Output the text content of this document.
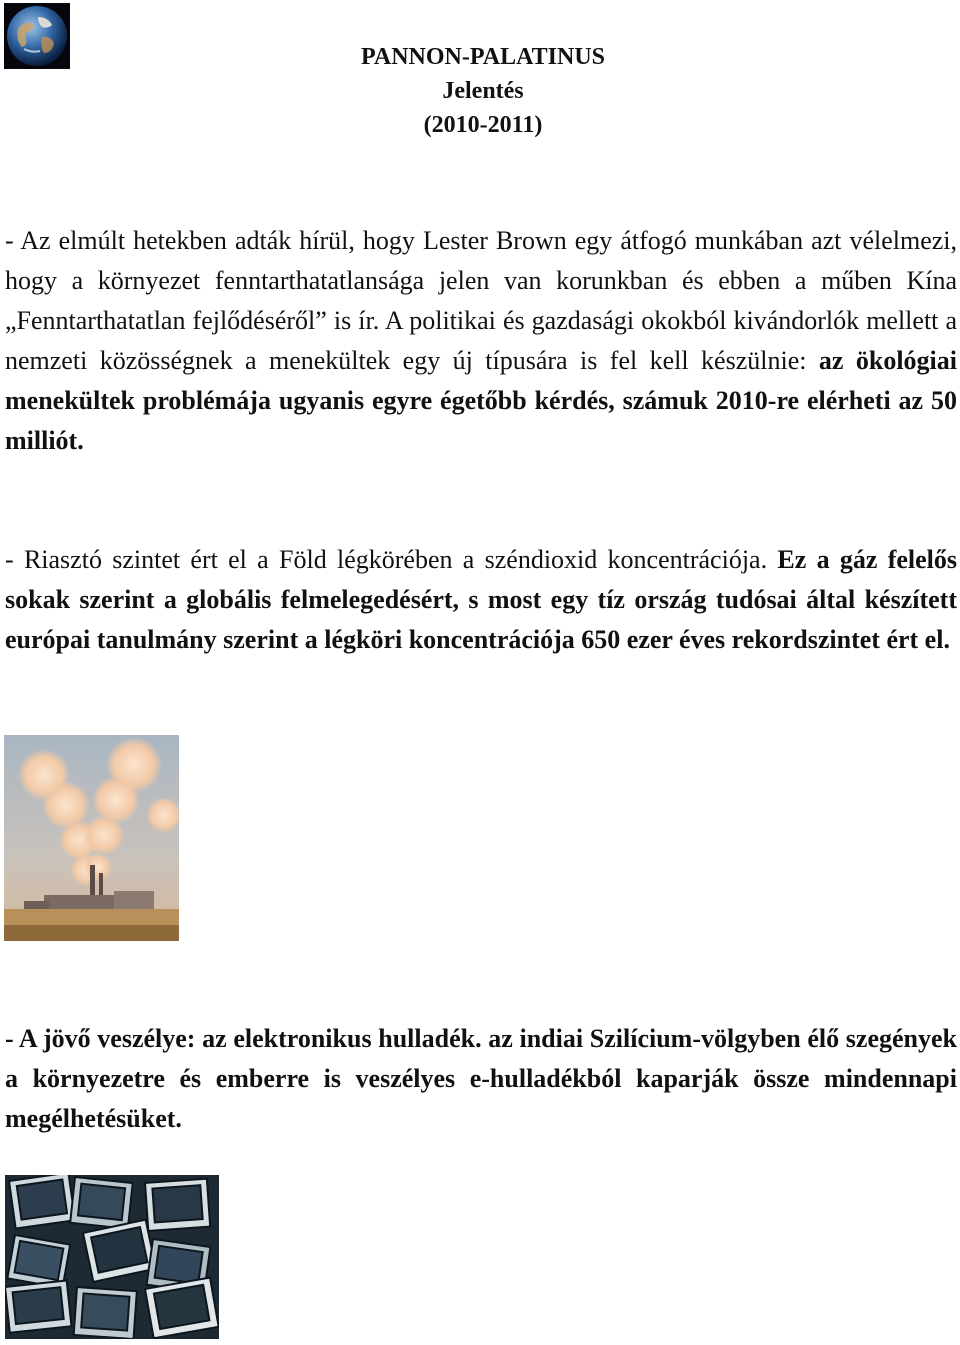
PANNON-PALATINUS
Jelentés
(2010-2011)

- Az elmúlt hetekben adták hírül, hogy Lester Brown egy átfogó munkában azt vélelmezi, hogy a környezet fenntarthatatlansága jelen van korunkban és ebben a műben Kína „Fenntarthatatlan fejlődéséről” is ír. A politikai és gazdasági okokból kivándorlók mellett a nemzeti közösségnek a menekültek egy új típusára is fel kell készülnie: az ökológiai menekültek problémája ugyanis egyre égetőbb kérdés, számuk 2010-re elérheti az 50 milliót.

- Riasztó szintet ért el a Föld légkörében a széndioxid koncentrációja. Ez a gáz felelős sokak szerint a globális felmelegedésért, s most egy tíz ország tudósai által készített európai tanulmány szerint a légköri koncentrációja 650 ezer éves rekordszintet ért el.

- A jövő veszélye: az elektronikus hulladék. az indiai Szilícium-völgyben élő szegények a környezetre és emberre is veszélyes e-hulladékból kaparják össze mindennapi megélhetésüket.
